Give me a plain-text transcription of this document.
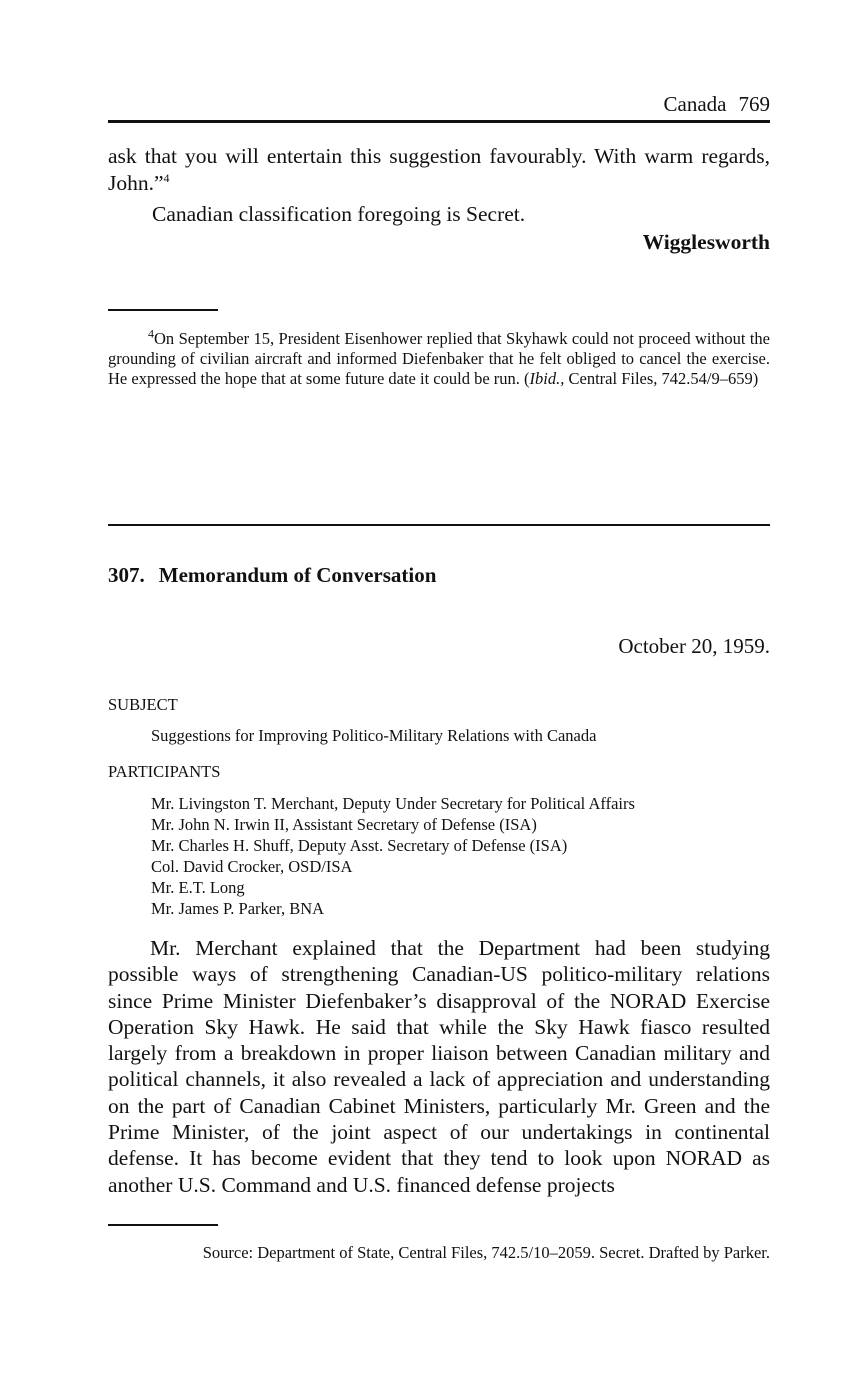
Canada 769
ask that you will entertain this suggestion favourably. With warm regards, John.”$^4$
Canadian classification foregoing is Secret.
Wigglesworth
$^4$On September 15, President Eisenhower replied that Skyhawk could not proceed without the grounding of civilian aircraft and informed Diefenbaker that he felt obliged to cancel the exercise. He expressed the hope that at some future date it could be run. (Ibid., Central Files, 742.54/9–659)
307. Memorandum of Conversation
October 20, 1959.
SUBJECT
Suggestions for Improving Politico-Military Relations with Canada
PARTICIPANTS
Mr. Livingston T. Merchant, Deputy Under Secretary for Political Affairs
Mr. John N. Irwin II, Assistant Secretary of Defense (ISA)
Mr. Charles H. Shuff, Deputy Asst. Secretary of Defense (ISA)
Col. David Crocker, OSD/ISA
Mr. E.T. Long
Mr. James P. Parker, BNA
Mr. Merchant explained that the Department had been studying possible ways of strengthening Canadian-US politico-military relations since Prime Minister Diefenbaker’s disapproval of the NORAD Exercise Operation Sky Hawk. He said that while the Sky Hawk fiasco resulted largely from a breakdown in proper liaison between Canadian military and political channels, it also revealed a lack of appreciation and understanding on the part of Canadian Cabinet Ministers, particularly Mr. Green and the Prime Minister, of the joint aspect of our undertakings in continental defense. It has become evident that they tend to look upon NORAD as another U.S. Command and U.S. financed defense projects
Source: Department of State, Central Files, 742.5/10–2059. Secret. Drafted by Parker.
